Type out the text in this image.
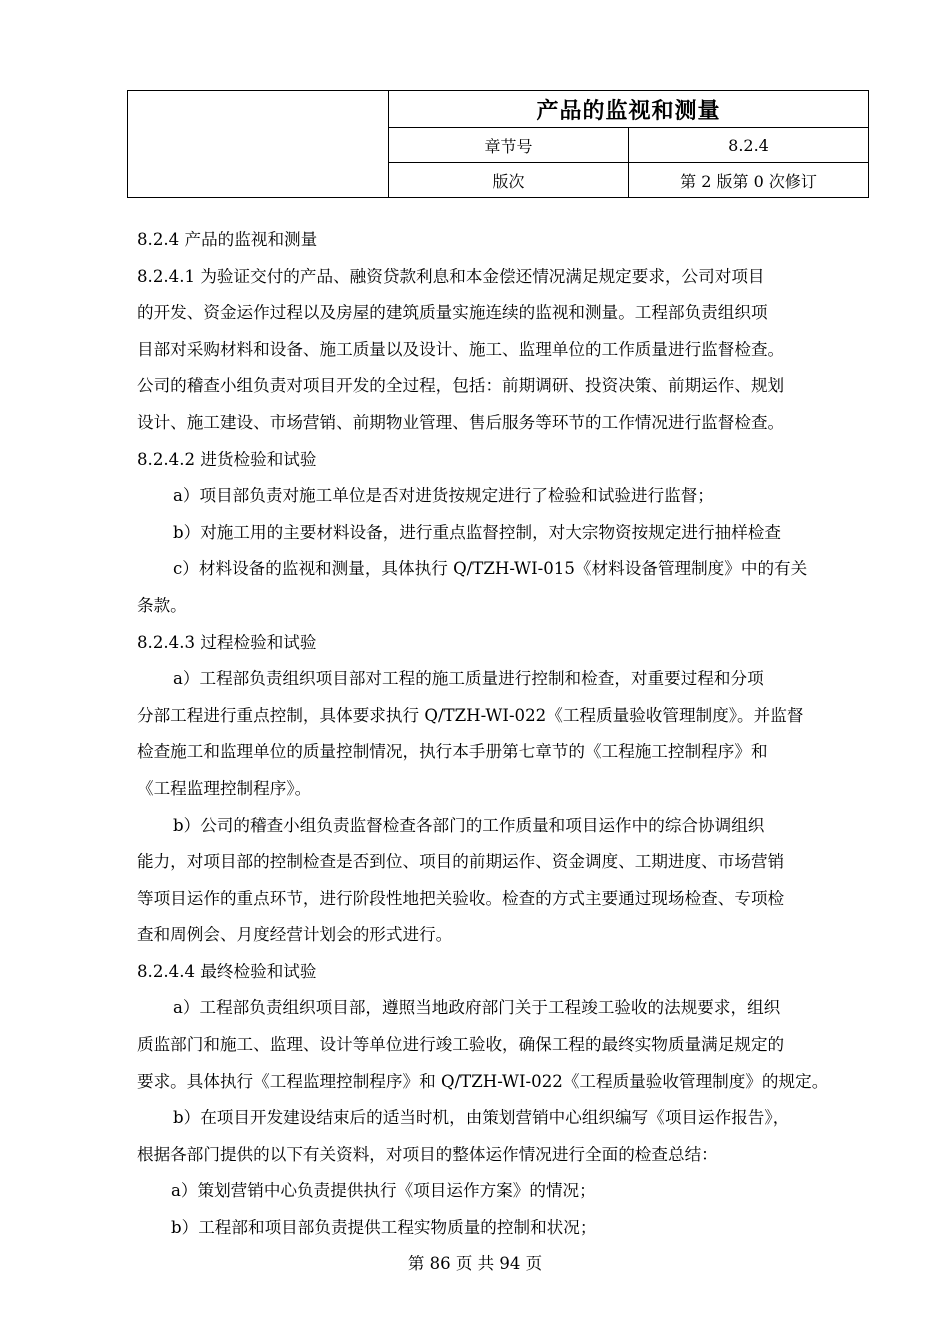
	产品的监视和测量	
	章节号	8.2.4
	版次	第 2 版第 0 次修订
8.2.4 产品的监视和测量
8.2.4.1 为验证交付的产品、融资贷款利息和本金偿还情况满足规定要求，公司对项目
的开发、资金运作过程以及房屋的建筑质量实施连续的监视和测量。工程部负责组织项
目部对采购材料和设备、施工质量以及设计、施工、监理单位的工作质量进行监督检查。
公司的稽查小组负责对项目开发的全过程，包括：前期调研、投资决策、前期运作、规划
设计、施工建设、市场营销、前期物业管理、售后服务等环节的工作情况进行监督检查。
8.2.4.2 进货检验和试验
a）项目部负责对施工单位是否对进货按规定进行了检验和试验进行监督；
b）对施工用的主要材料设备，进行重点监督控制，对大宗物资按规定进行抽样检查
c）材料设备的监视和测量，具体执行 Q/TZH-WI-015《材料设备管理制度》中的有关
条款。
8.2.4.3 过程检验和试验
a）工程部负责组织项目部对工程的施工质量进行控制和检查，对重要过程和分项
分部工程进行重点控制，具体要求执行 Q/TZH-WI-022《工程质量验收管理制度》。并监督
检查施工和监理单位的质量控制情况，执行本手册第七章节的《工程施工控制程序》和
《工程监理控制程序》。
b）公司的稽查小组负责监督检查各部门的工作质量和项目运作中的综合协调组织
能力，对项目部的控制检查是否到位、项目的前期运作、资金调度、工期进度、市场营销
等项目运作的重点环节，进行阶段性地把关验收。检查的方式主要通过现场检查、专项检
查和周例会、月度经营计划会的形式进行。
8.2.4.4 最终检验和试验
a）工程部负责组织项目部，遵照当地政府部门关于工程竣工验收的法规要求，组织
质监部门和施工、监理、设计等单位进行竣工验收，确保工程的最终实物质量满足规定的
要求。具体执行《工程监理控制程序》和 Q/TZH-WI-022《工程质量验收管理制度》的规定。
b）在项目开发建设结束后的适当时机，由策划营销中心组织编写《项目运作报告》，
根据各部门提供的以下有关资料，对项目的整体运作情况进行全面的检查总结：
a）策划营销中心负责提供执行《项目运作方案》的情况；
b）工程部和项目部负责提供工程实物质量的控制和状况；
第 86 页 共 94 页
